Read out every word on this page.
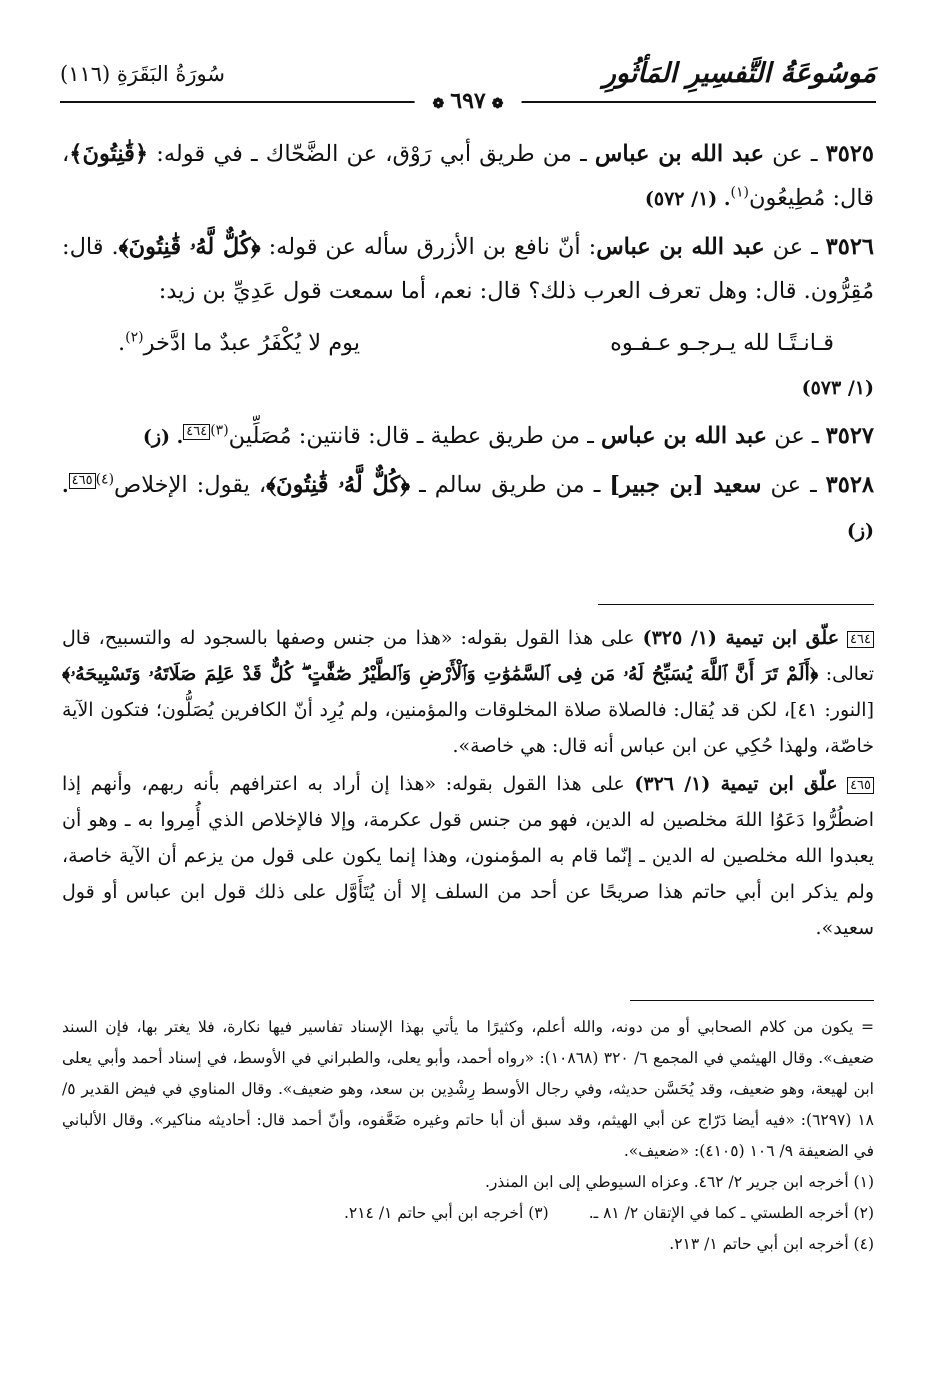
مَوسُوعَةُ التَّفسِيرِ المَأثُورِ
سُورَةُ البَقَرَةِ (١١٦)
❁٦٩٧❁

٣٥٢٥ ـ عن عبد الله بن عباس ـ من طريق أبي رَوْق، عن الضَّحّاك ـ في قوله: ﴿قَٰنِتُونَ﴾، قال: مُطِيعُون$^{(١)}$. (١/ ٥٧٢)

٣٥٢٦ ـ عن عبد الله بن عباس: أنّ نافع بن الأزرق سأله عن قوله: ﴿كُلٌّ لَّهُۥ قَٰنِتُونَ﴾. قال: مُقِرُّون. قال: وهل تعرف العرب ذلك؟ قال: نعم، أما سمعت قول عَدِيِّ بن زيد:

قـانـتًـا لله يـرجـو عـفـوه
يوم لا يُكْفَرُ عبدٌ ما ادَّخر$^{(٢)}$.

(١/ ٥٧٣)

٣٥٢٧ ـ عن عبد الله بن عباس ـ من طريق عطية ـ قال: قانتين: مُصَلِّين$^{(٣)}$٤٦٤. (ز)

٣٥٢٨ ـ عن سعيد [بن جبير] ـ من طريق سالم ـ ﴿كُلٌّ لَّهُۥ قَٰنِتُونَ﴾، يقول: الإخلاص$^{(٤)}$٤٦٥. (ز)

٤٦٤ علّق ابن تيمية (١/ ٣٢٥) على هذا القول بقوله: «هذا من جنس وصفها بالسجود له والتسبيح، قال تعالى: ﴿أَلَمْ تَرَ أَنَّ ٱللَّهَ يُسَبِّحُ لَهُۥ مَن فِى ٱلسَّمَٰوَٰتِ وَٱلْأَرْضِ وَٱلطَّيْرُ صَٰٓفَّٰتٍ ۖ كُلٌّ قَدْ عَلِمَ صَلَاتَهُۥ وَتَسْبِيحَهُۥ﴾ [النور: ٤١]، لكن قد يُقال: فالصلاة صلاة المخلوقات والمؤمنين، ولم يُرِد أنّ الكافرين يُصَلُّون؛ فتكون الآية خاصّة، ولهذا حُكِي عن ابن عباس أنه قال: هي خاصة».

٤٦٥ علّق ابن تيمية (١/ ٣٢٦) على هذا القول بقوله: «هذا إن أراد به اعترافهم بأنه ربهم، وأنهم إذا اضطُرُّوا دَعَوُا اللهَ مخلصين له الدين، فهو من جنس قول عكرمة، وإلا فالإخلاص الذي أُمِروا به ـ وهو أن يعبدوا الله مخلصين له الدين ـ إنّما قام به المؤمنون، وهذا إنما يكون على قول من يزعم أن الآية خاصة، ولم يذكر ابن أبي حاتم هذا صريحًا عن أحد من السلف إلا أن يُتَأَوَّل على ذلك قول ابن عباس أو قول سعيد».

= يكون من كلام الصحابي أو من دونه، والله أعلم، وكثيرًا ما يأتي بهذا الإسناد تفاسير فيها نكارة، فلا يغتر بها، فإن السند ضعيف». وقال الهيثمي في المجمع ٦/ ٣٢٠ (١٠٨٦٨): «رواه أحمد، وأبو يعلى، والطبراني في الأوسط، في إسناد أحمد وأبي يعلى ابن لهيعة، وهو ضعيف، وقد يُحَسَّن حديثه، وفي رجال الأوسط رِشْدِين بن سعد، وهو ضعيف». وقال المناوي في فيض القدير ٥/ ١٨ (٦٢٩٧): «فيه أيضا دَرّاج عن أبي الهيثم، وقد سبق أن أبا حاتم وغيره ضَعَّفوه، وأنّ أحمد قال: أحاديثه مناكير». وقال الألباني في الضعيفة ٩/ ١٠٦ (٤١٠٥): «ضعيف».

(١) أخرجه ابن جرير ٢/ ٤٦٢. وعزاه السيوطي إلى ابن المنذر.

(٢) أخرجه الطستي ـ كما في الإتقان ٢/ ٨١ ـ.
(٣) أخرجه ابن أبي حاتم ١/ ٢١٤.

(٤) أخرجه ابن أبي حاتم ١/ ٢١٣.
